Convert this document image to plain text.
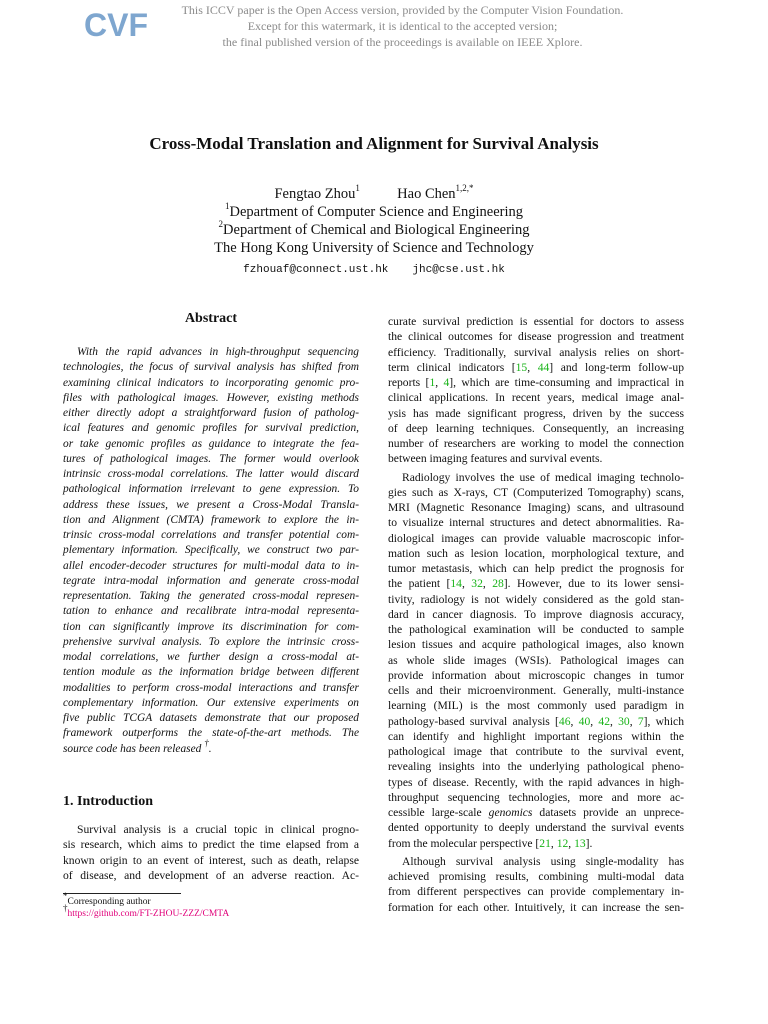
CVF	This ICCV paper is the Open Access version, provided by the Computer Vision Foundation.
Except for this watermark, it is identical to the accepted version;
the final published version of the proceedings is available on IEEE Xplore.
Cross-Modal Translation and Alignment for Survival Analysis
Fengtao Zhou$^1$	Hao Chen$^{1,2,*}$
$^1$Department of Computer Science and Engineering
$^2$Department of Chemical and Biological Engineering
The Hong Kong University of Science and Technology
fzhouaf@connect.ust.hk jhc@cse.ust.hk
Abstract
With the rapid advances in high-throughput sequencing
technologies, the focus of survival analysis has shifted from
examining clinical indicators to incorporating genomic pro-
files with pathological images. However, existing methods
either directly adopt a straightforward fusion of patholog-
ical features and genomic profiles for survival prediction,
or take genomic profiles as guidance to integrate the fea-
tures of pathological images. The former would overlook
intrinsic cross-modal correlations. The latter would discard
pathological information irrelevant to gene expression. To
address these issues, we present a Cross-Modal Transla-
tion and Alignment (CMTA) framework to explore the in-
trinsic cross-modal correlations and transfer potential com-
plementary information. Specifically, we construct two par-
allel encoder-decoder structures for multi-modal data to in-
tegrate intra-modal information and generate cross-modal
representation. Taking the generated cross-modal represen-
tation to enhance and recalibrate intra-modal representa-
tion can significantly improve its discrimination for com-
prehensive survival analysis. To explore the intrinsic cross-
modal correlations, we further design a cross-modal at-
tention module as the information bridge between different
modalities to perform cross-modal interactions and transfer
complementary information. Our extensive experiments on
five public TCGA datasets demonstrate that our proposed
framework outperforms the state-of-the-art methods. The
source code has been released †.
1. Introduction
Survival analysis is a crucial topic in clinical progno-
sis research, which aims to predict the time elapsed from a
known origin to an event of interest, such as death, relapse
of disease, and development of an adverse reaction. Ac-
*Corresponding author
†https://github.com/FT-ZHOU-ZZZ/CMTA
curate survival prediction is essential for doctors to assess
the clinical outcomes for disease progression and treatment
efficiency. Traditionally, survival analysis relies on short-
term clinical indicators [15, 44] and long-term follow-up
reports [1, 4], which are time-consuming and impractical in
clinical applications. In recent years, medical image anal-
ysis has made significant progress, driven by the success
of deep learning techniques. Consequently, an increasing
number of researchers are working to model the connection
between imaging features and survival events.
Radiology involves the use of medical imaging technolo-
gies such as X-rays, CT (Computerized Tomography) scans,
MRI (Magnetic Resonance Imaging) scans, and ultrasound
to visualize internal structures and detect abnormalities. Ra-
diological images can provide valuable macroscopic infor-
mation such as lesion location, morphological texture, and
tumor metastasis, which can help predict the prognosis for
the patient [14, 32, 28]. However, due to its lower sensi-
tivity, radiology is not widely considered as the gold stan-
dard in cancer diagnosis. To improve diagnosis accuracy,
the pathological examination will be conducted to sample
lesion tissues and acquire pathological images, also known
as whole slide images (WSIs). Pathological images can
provide information about microscopic changes in tumor
cells and their microenvironment. Generally, multi-instance
learning (MIL) is the most commonly used paradigm in
pathology-based survival analysis [46, 40, 42, 30, 7], which
can identify and highlight important regions within the
pathological image that contribute to the survival event,
revealing insights into the underlying pathological pheno-
types of disease. Recently, with the rapid advances in high-
throughput sequencing technologies, more and more ac-
cessible large-scale genomics datasets provide an unprece-
dented opportunity to deeply understand the survival events
from the molecular perspective [21, 12, 13].
Although survival analysis using single-modality has
achieved promising results, combining multi-modal data
from different perspectives can provide complementary in-
formation for each other. Intuitively, it can increase the sen-
